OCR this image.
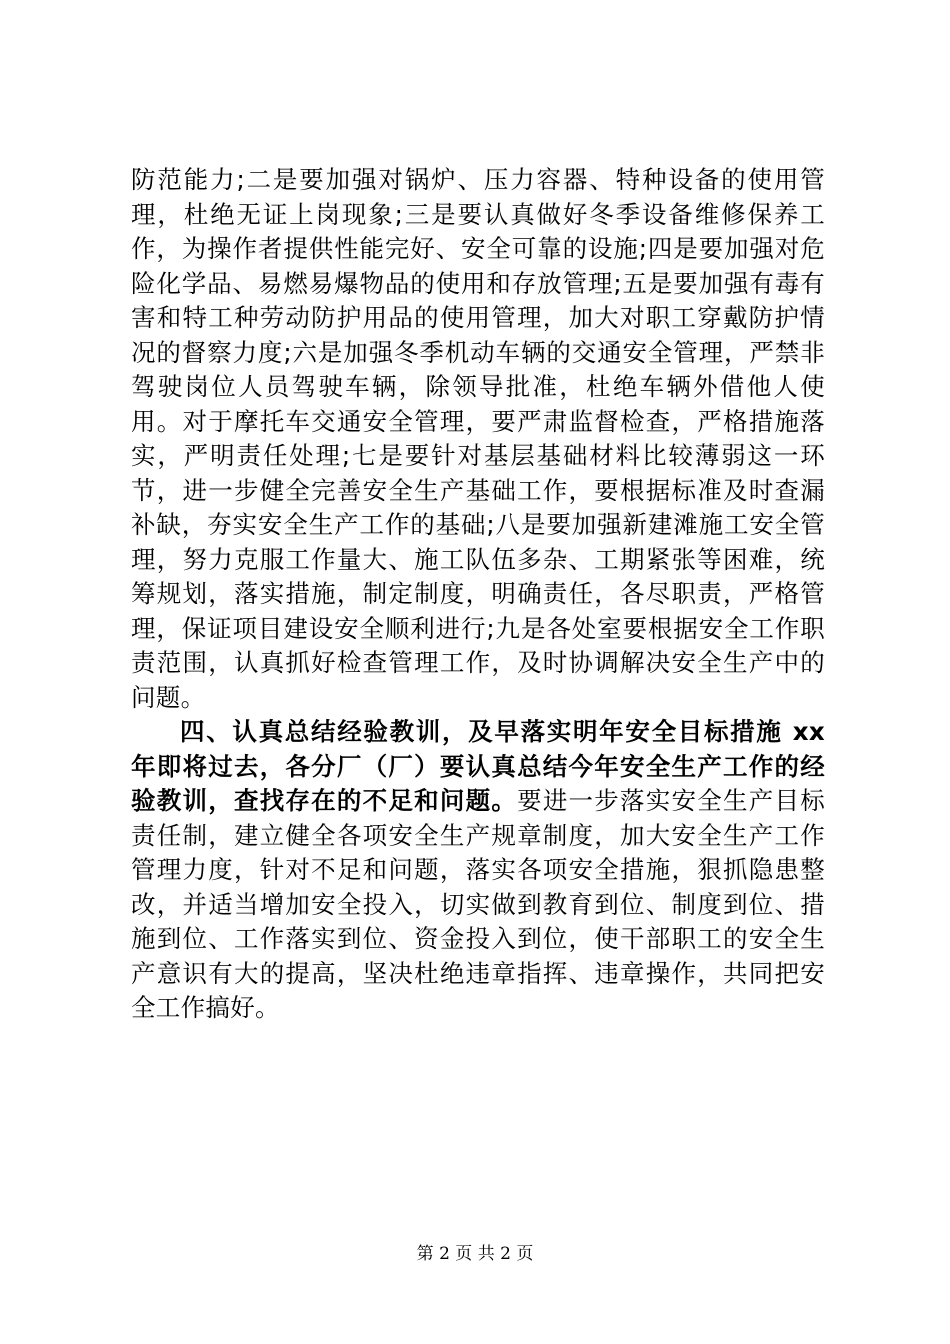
防范能力;二是要加强对锅炉、压力容器、特种设备的使用管理，杜绝无证上岗现象;三是要认真做好冬季设备维修保养工作，为操作者提供性能完好、安全可靠的设施;四是要加强对危险化学品、易燃易爆物品的使用和存放管理;五是要加强有毒有害和特工种劳动防护用品的使用管理，加大对职工穿戴防护情况的督察力度;六是加强冬季机动车辆的交通安全管理，严禁非驾驶岗位人员驾驶车辆，除领导批准，杜绝车辆外借他人使用。对于摩托车交通安全管理，要严肃监督检查，严格措施落实，严明责任处理;七是要针对基层基础材料比较薄弱这一环节，进一步健全完善安全生产基础工作，要根据标准及时查漏补缺，夯实安全生产工作的基础;八是要加强新建滩施工安全管理，努力克服工作量大、施工队伍多杂、工期紧张等困难，统筹规划，落实措施，制定制度，明确责任，各尽职责，严格管理，保证项目建设安全顺利进行;九是各处室要根据安全工作职责范围，认真抓好检查管理工作，及时协调解决安全生产中的问题。

四、认真总结经验教训，及早落实明年安全目标措施 xx 年即将过去，各分厂（厂）要认真总结今年安全生产工作的经验教训，查找存在的不足和问题。要进一步落实安全生产目标责任制，建立健全各项安全生产规章制度，加大安全生产工作管理力度，针对不足和问题，落实各项安全措施，狠抓隐患整改，并适当增加安全投入，切实做到教育到位、制度到位、措施到位、工作落实到位、资金投入到位，使干部职工的安全生产意识有大的提高，坚决杜绝违章指挥、违章操作，共同把安全工作搞好。

第 2 页 共 2 页
